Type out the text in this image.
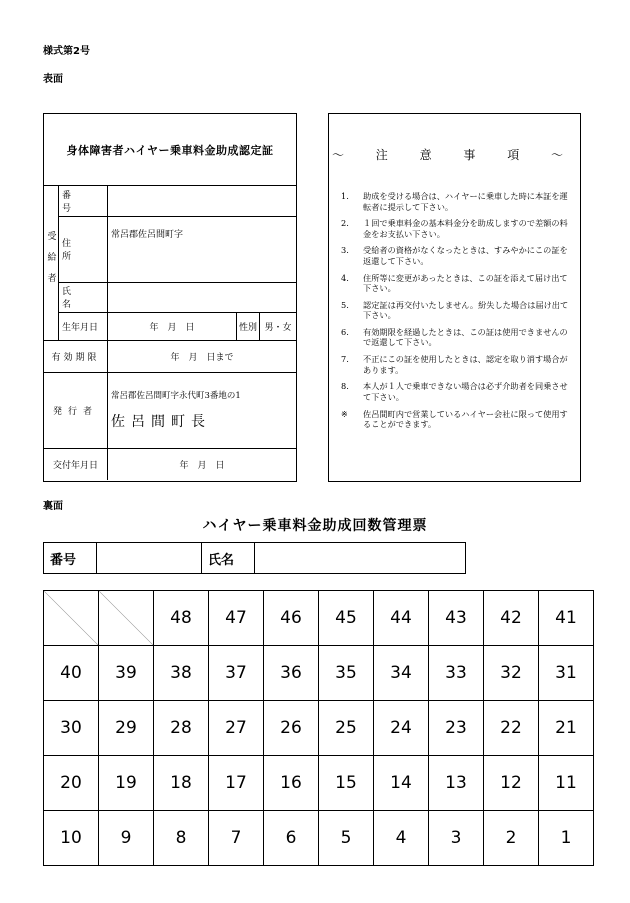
様式第2号
表面
身体障害者ハイヤー乗車料金助成認定証
受給者	番　号			
	住　所	常呂郡佐呂間町字		
	氏　名			
	生年月日	年　月　日	性別	男・女

有効期限		年　月　日まで		
発行者		常呂郡佐呂間町字永代町3番地の1
佐呂間町長		

交付年月日		年　月　日		
～ 注 意 事 項 ～
1.	助成を受ける場合は、ハイヤーに乗車した時に本証を運転者に提示して下さい。
2.	１回で乗車料金の基本料金分を助成しますので差額の料金をお支払い下さい。
3.	受給者の資格がなくなったときは、すみやかにこの証を返還して下さい。
4.	住所等に変更があったときは、この証を添えて届け出て下さい。
5.	認定証は再交付いたしません。紛失した場合は届け出て下さい。
6.	有効期限を経過したときは、この証は使用できませんので返還して下さい。
7.	不正にこの証を使用したときは、認定を取り消す場合があります。
8.	本人が１人で乗車できない場合は必ず介助者を同乗させて下さい。
※	佐呂間町内で営業しているハイヤー会社に限って使用することができます。
裏面
ハイヤー乗車料金助成回数管理票
番号		氏名	
		48	47	46	45	44	43	42	41
40	39	38	37	36	35	34	33	32	31
30	29	28	27	26	25	24	23	22	21
20	19	18	17	16	15	14	13	12	11
10	9	8	7	6	5	4	3	2	1
